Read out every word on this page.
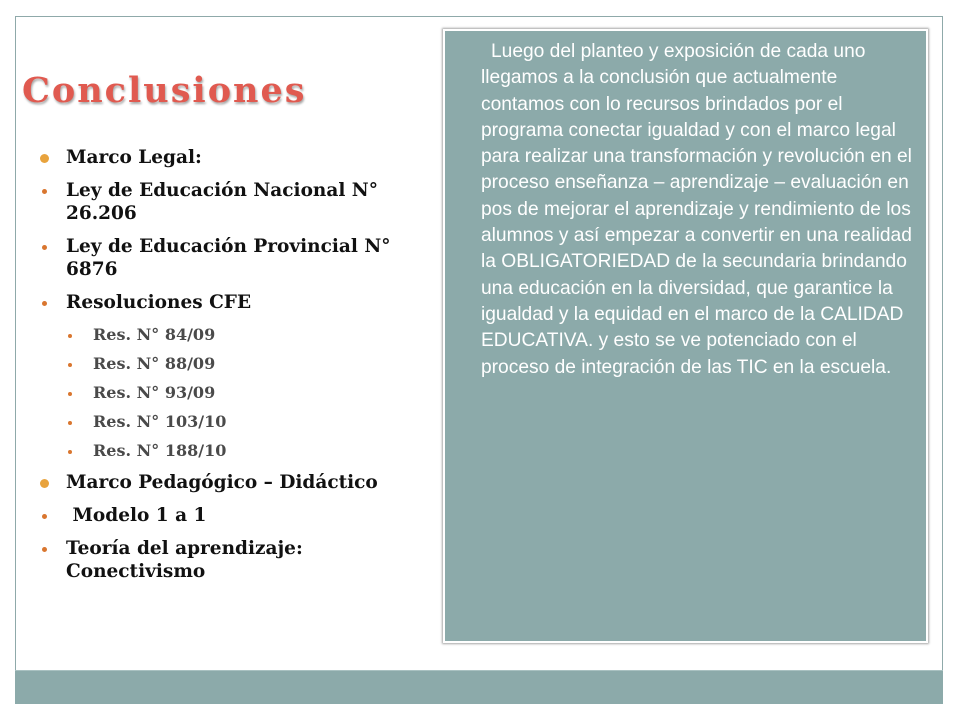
Conclusiones
Marco Legal:
Ley de Educación Nacional N° 26.206
Ley de Educación Provincial N° 6876
Resoluciones CFE
Res. N° 84/09
Res. N° 88/09
Res. N° 93/09
Res. N° 103/10
Res. N° 188/10
Marco Pedagógico – Didáctico
Modelo 1 a 1
Teoría del aprendizaje: Conectivismo

Luego del planteo y exposición de cada uno llegamos a la conclusión que actualmente contamos con lo recursos brindados por el programa conectar igualdad y con el marco legal para realizar una transformación y revolución en el proceso enseñanza – aprendizaje – evaluación en pos de mejorar el aprendizaje y rendimiento de los alumnos y así empezar a convertir en una realidad la OBLIGATORIEDAD de la secundaria brindando una educación en la diversidad, que garantice la igualdad y la equidad en el marco de la CALIDAD EDUCATIVA. y esto se ve potenciado con el proceso de integración de las TIC en la escuela.
